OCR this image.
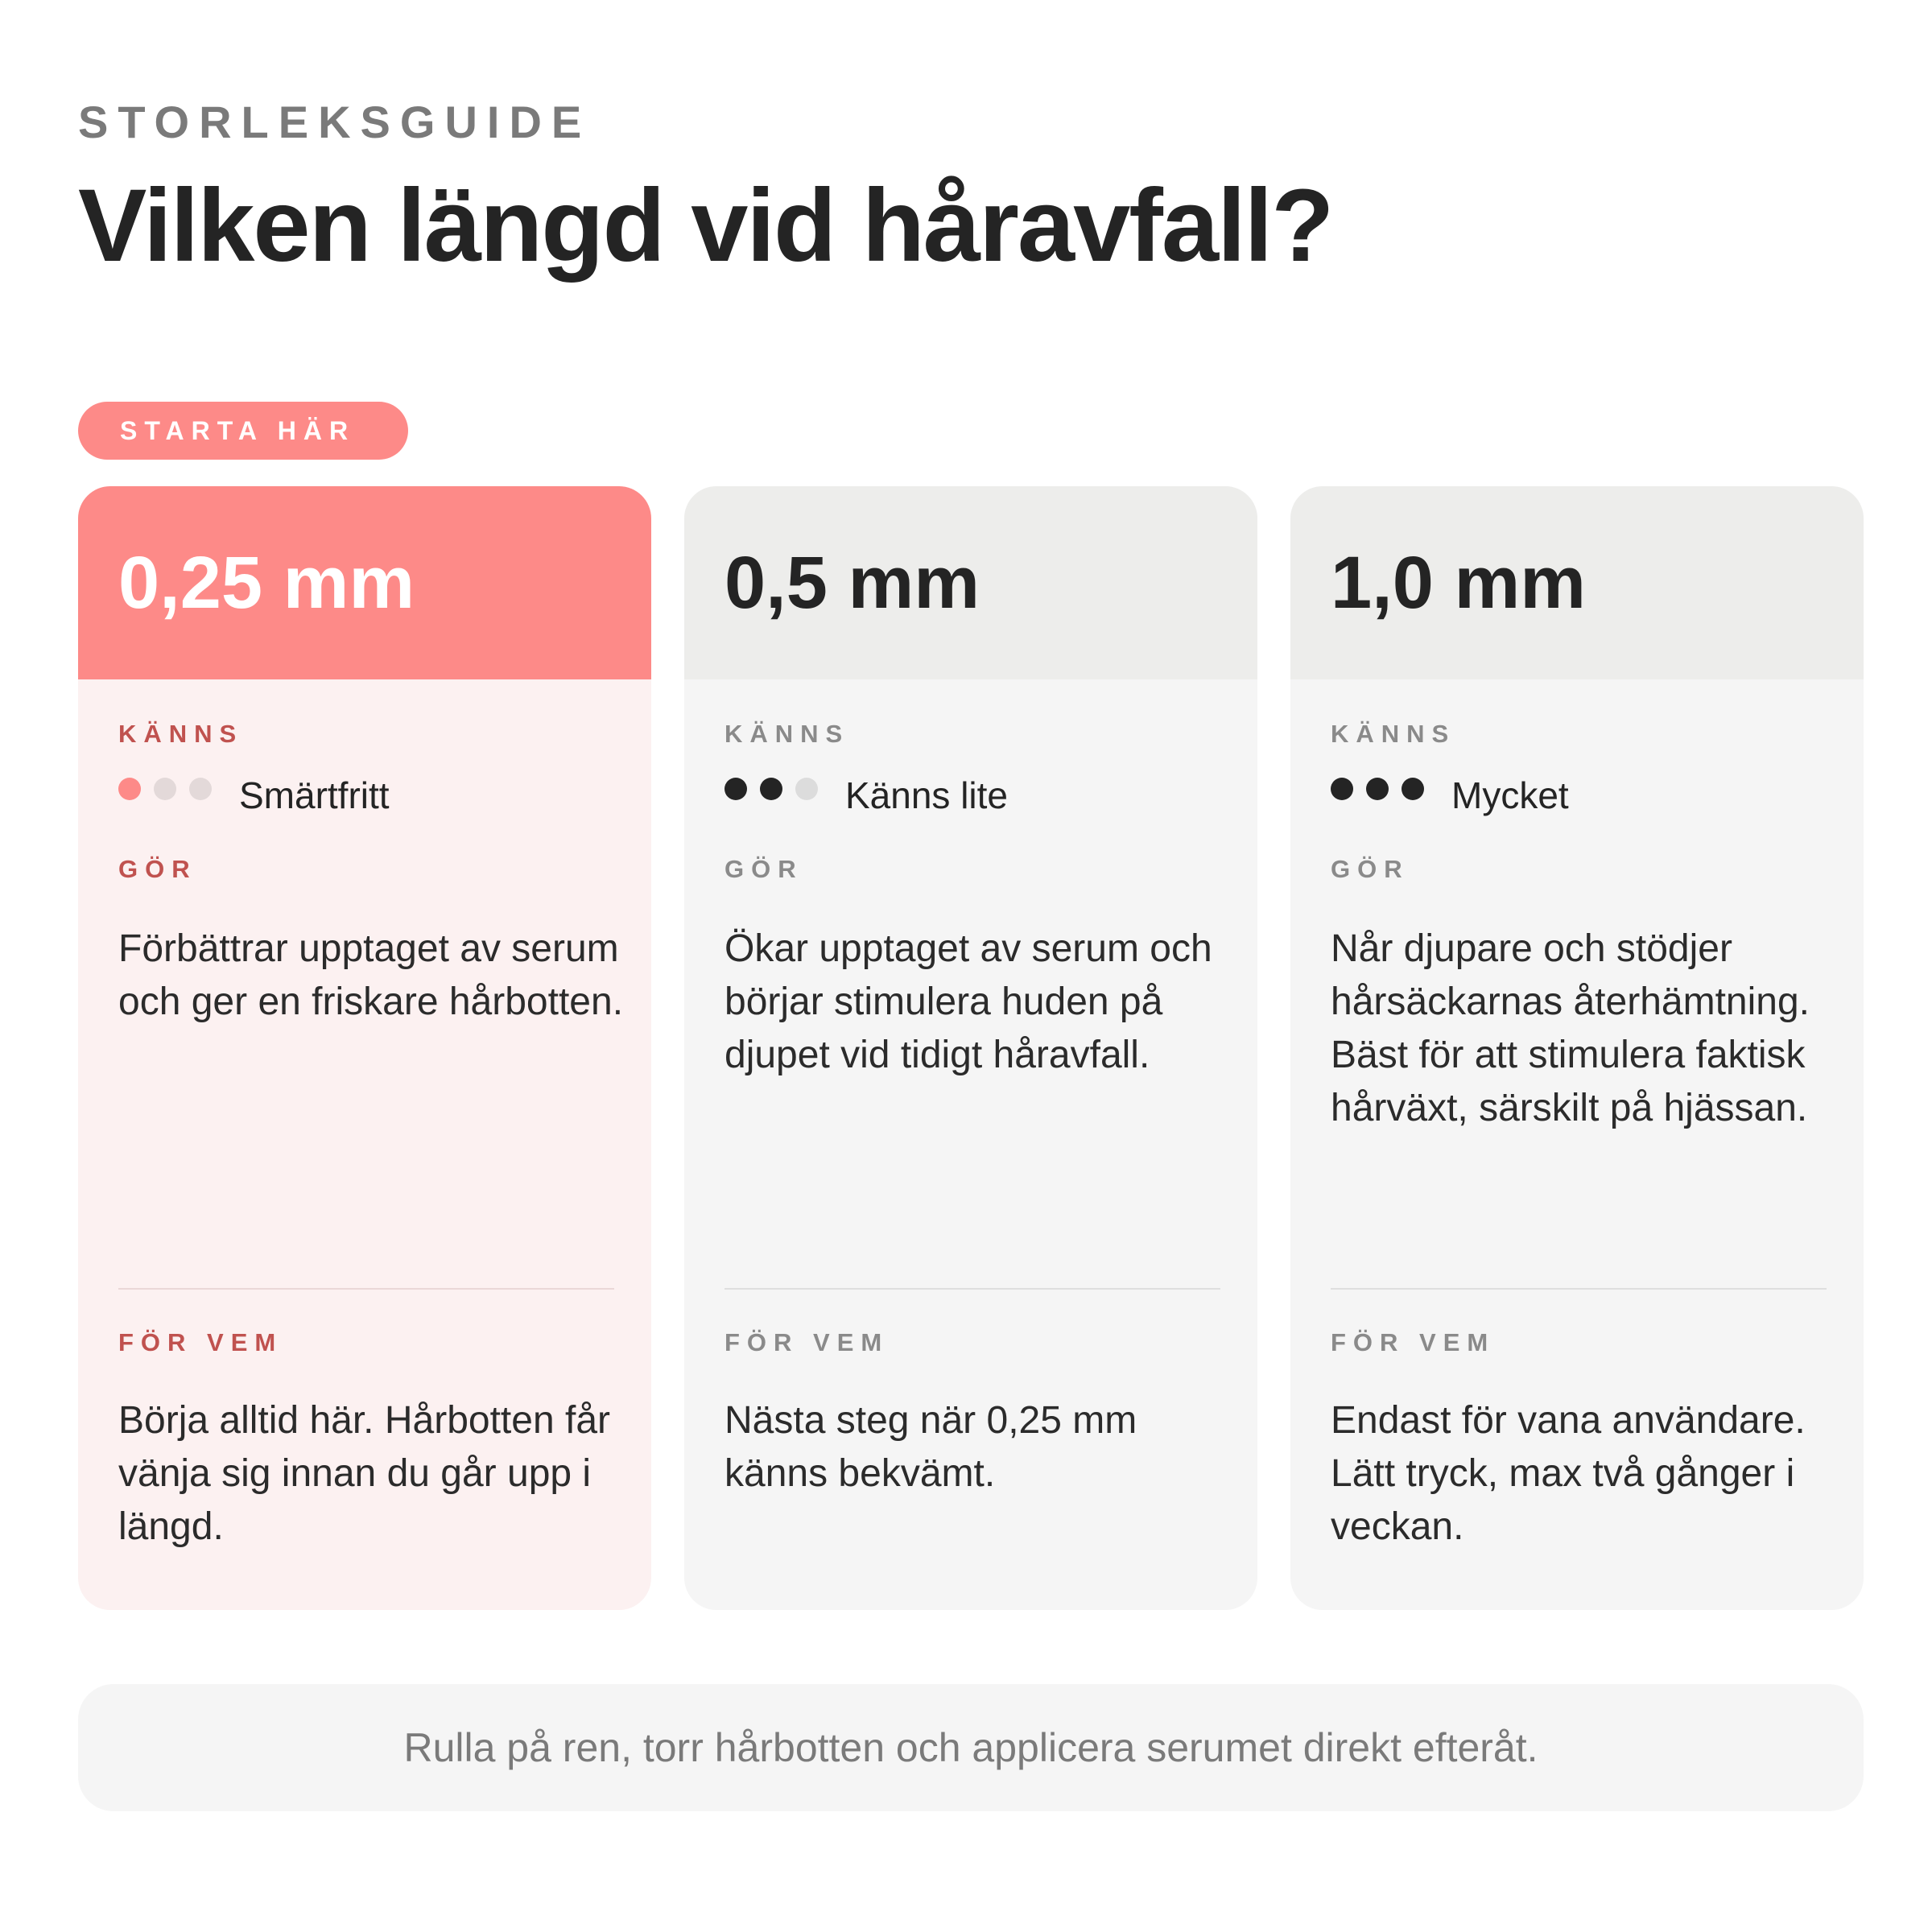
STORLEKSGUIDE
Vilken längd vid håravfall?
STARTA HÄR
0,25 mm
KÄNNS
Smärtfritt
GÖR
Förbättrar upptaget av serum och ger en friskare hårbotten.
FÖR VEM
Börja alltid här. Hårbotten får vänja sig innan du går upp i längd.
0,5 mm
KÄNNS
Känns lite
GÖR
Ökar upptaget av serum och börjar stimulera huden på djupet vid tidigt håravfall.
FÖR VEM
Nästa steg när 0,25 mm känns bekvämt.
1,0 mm
KÄNNS
Mycket
GÖR
Når djupare och stödjer hårsäckarnas återhämtning. Bäst för att stimulera faktisk hårväxt, särskilt på hjässan.
FÖR VEM
Endast för vana användare. Lätt tryck, max två gånger i veckan.
Rulla på ren, torr hårbotten och applicera serumet direkt efteråt.
